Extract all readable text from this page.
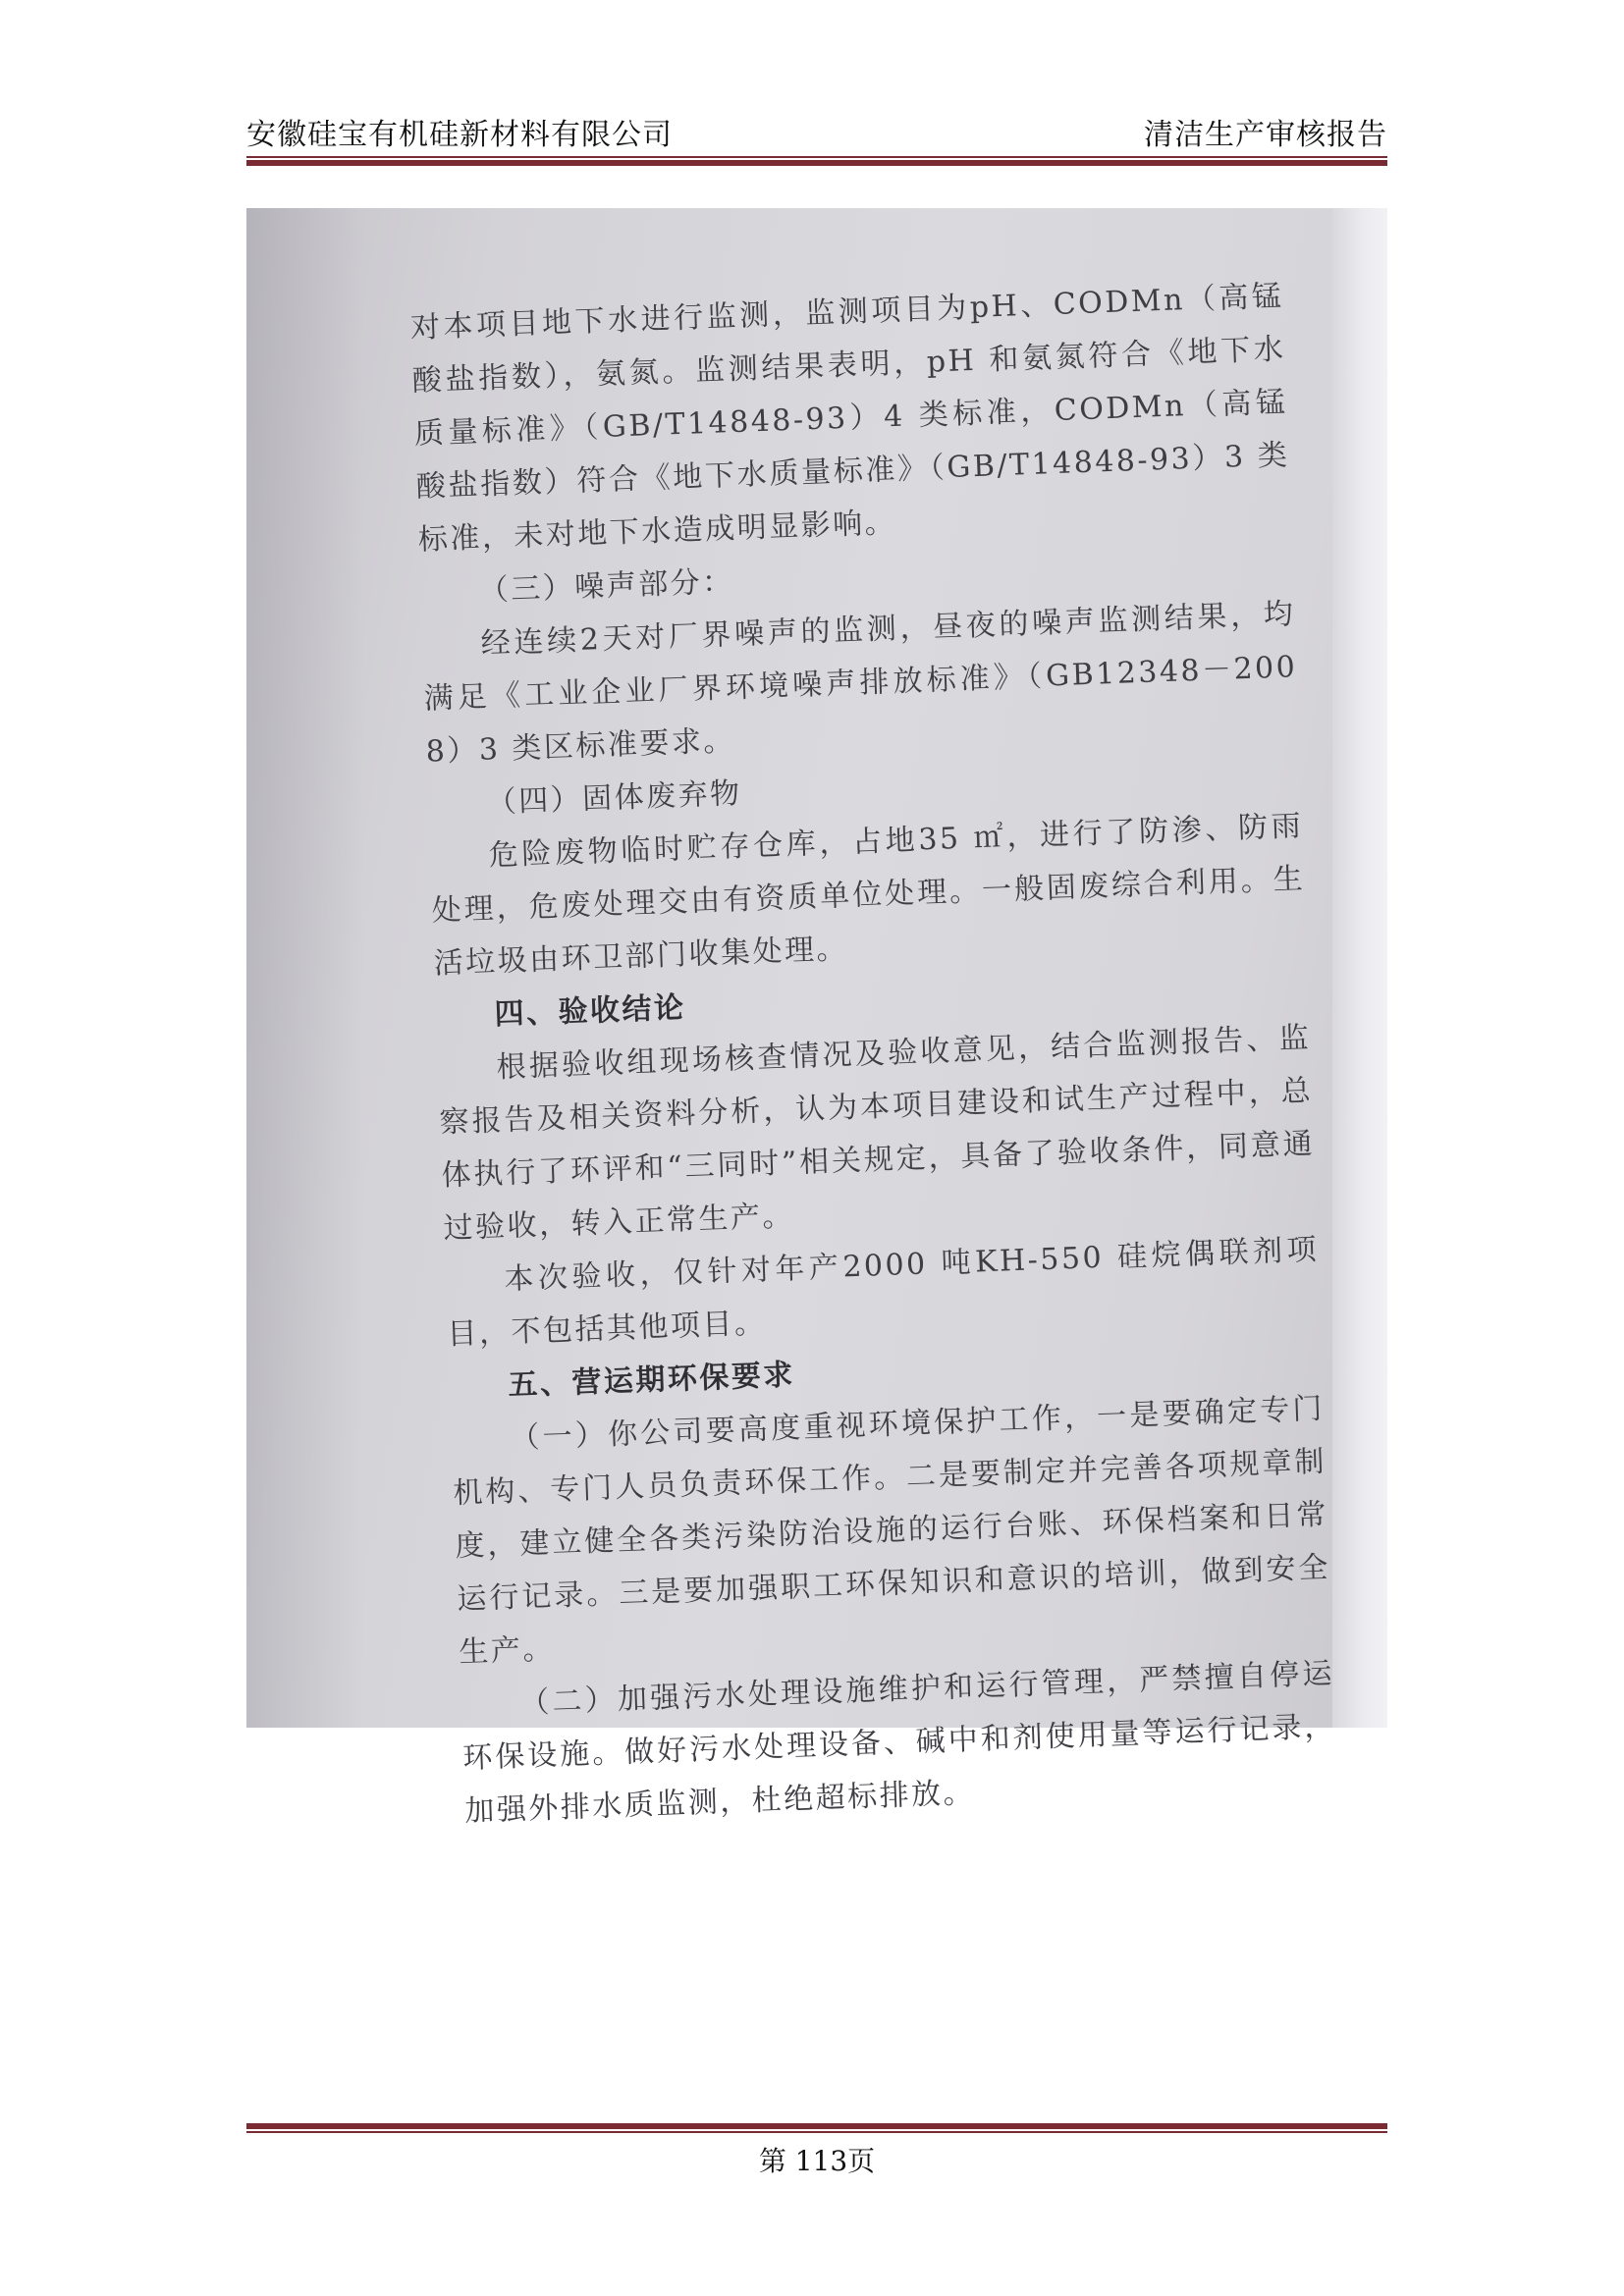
安徽硅宝有机硅新材料有限公司	清洁生产审核报告

对本项目地下水进行监测，监测项目为pH、CODMn（高锰酸盐指数），氨氮。监测结果表明，pH 和氨氮符合《地下水质量标准》（GB/T14848-93）4 类标准，CODMn（高锰酸盐指数）符合《地下水质量标准》（GB/T14848-93）3 类标准，未对地下水造成明显影响。

（三）噪声部分：

经连续2天对厂界噪声的监测，昼夜的噪声监测结果，均满足《工业企业厂界环境噪声排放标准》（GB12348－2008）3 类区标准要求。

（四）固体废弃物

危险废物临时贮存仓库，占地35 ㎡，进行了防渗、防雨处理，危废处理交由有资质单位处理。一般固废综合利用。生活垃圾由环卫部门收集处理。

四、验收结论

根据验收组现场核查情况及验收意见，结合监测报告、监察报告及相关资料分析，认为本项目建设和试生产过程中，总体执行了环评和“三同时”相关规定，具备了验收条件，同意通过验收，转入正常生产。

本次验收，仅针对年产2000 吨KH-550 硅烷偶联剂项目，不包括其他项目。

五、营运期环保要求

（一）你公司要高度重视环境保护工作，一是要确定专门机构、专门人员负责环保工作。二是要制定并完善各项规章制度，建立健全各类污染防治设施的运行台账、环保档案和日常运行记录。三是要加强职工环保知识和意识的培训，做到安全生产。

（二）加强污水处理设施维护和运行管理，严禁擅自停运环保设施。做好污水处理设备、碱中和剂使用量等运行记录，加强外排水质监测，杜绝超标排放。

第 113页
